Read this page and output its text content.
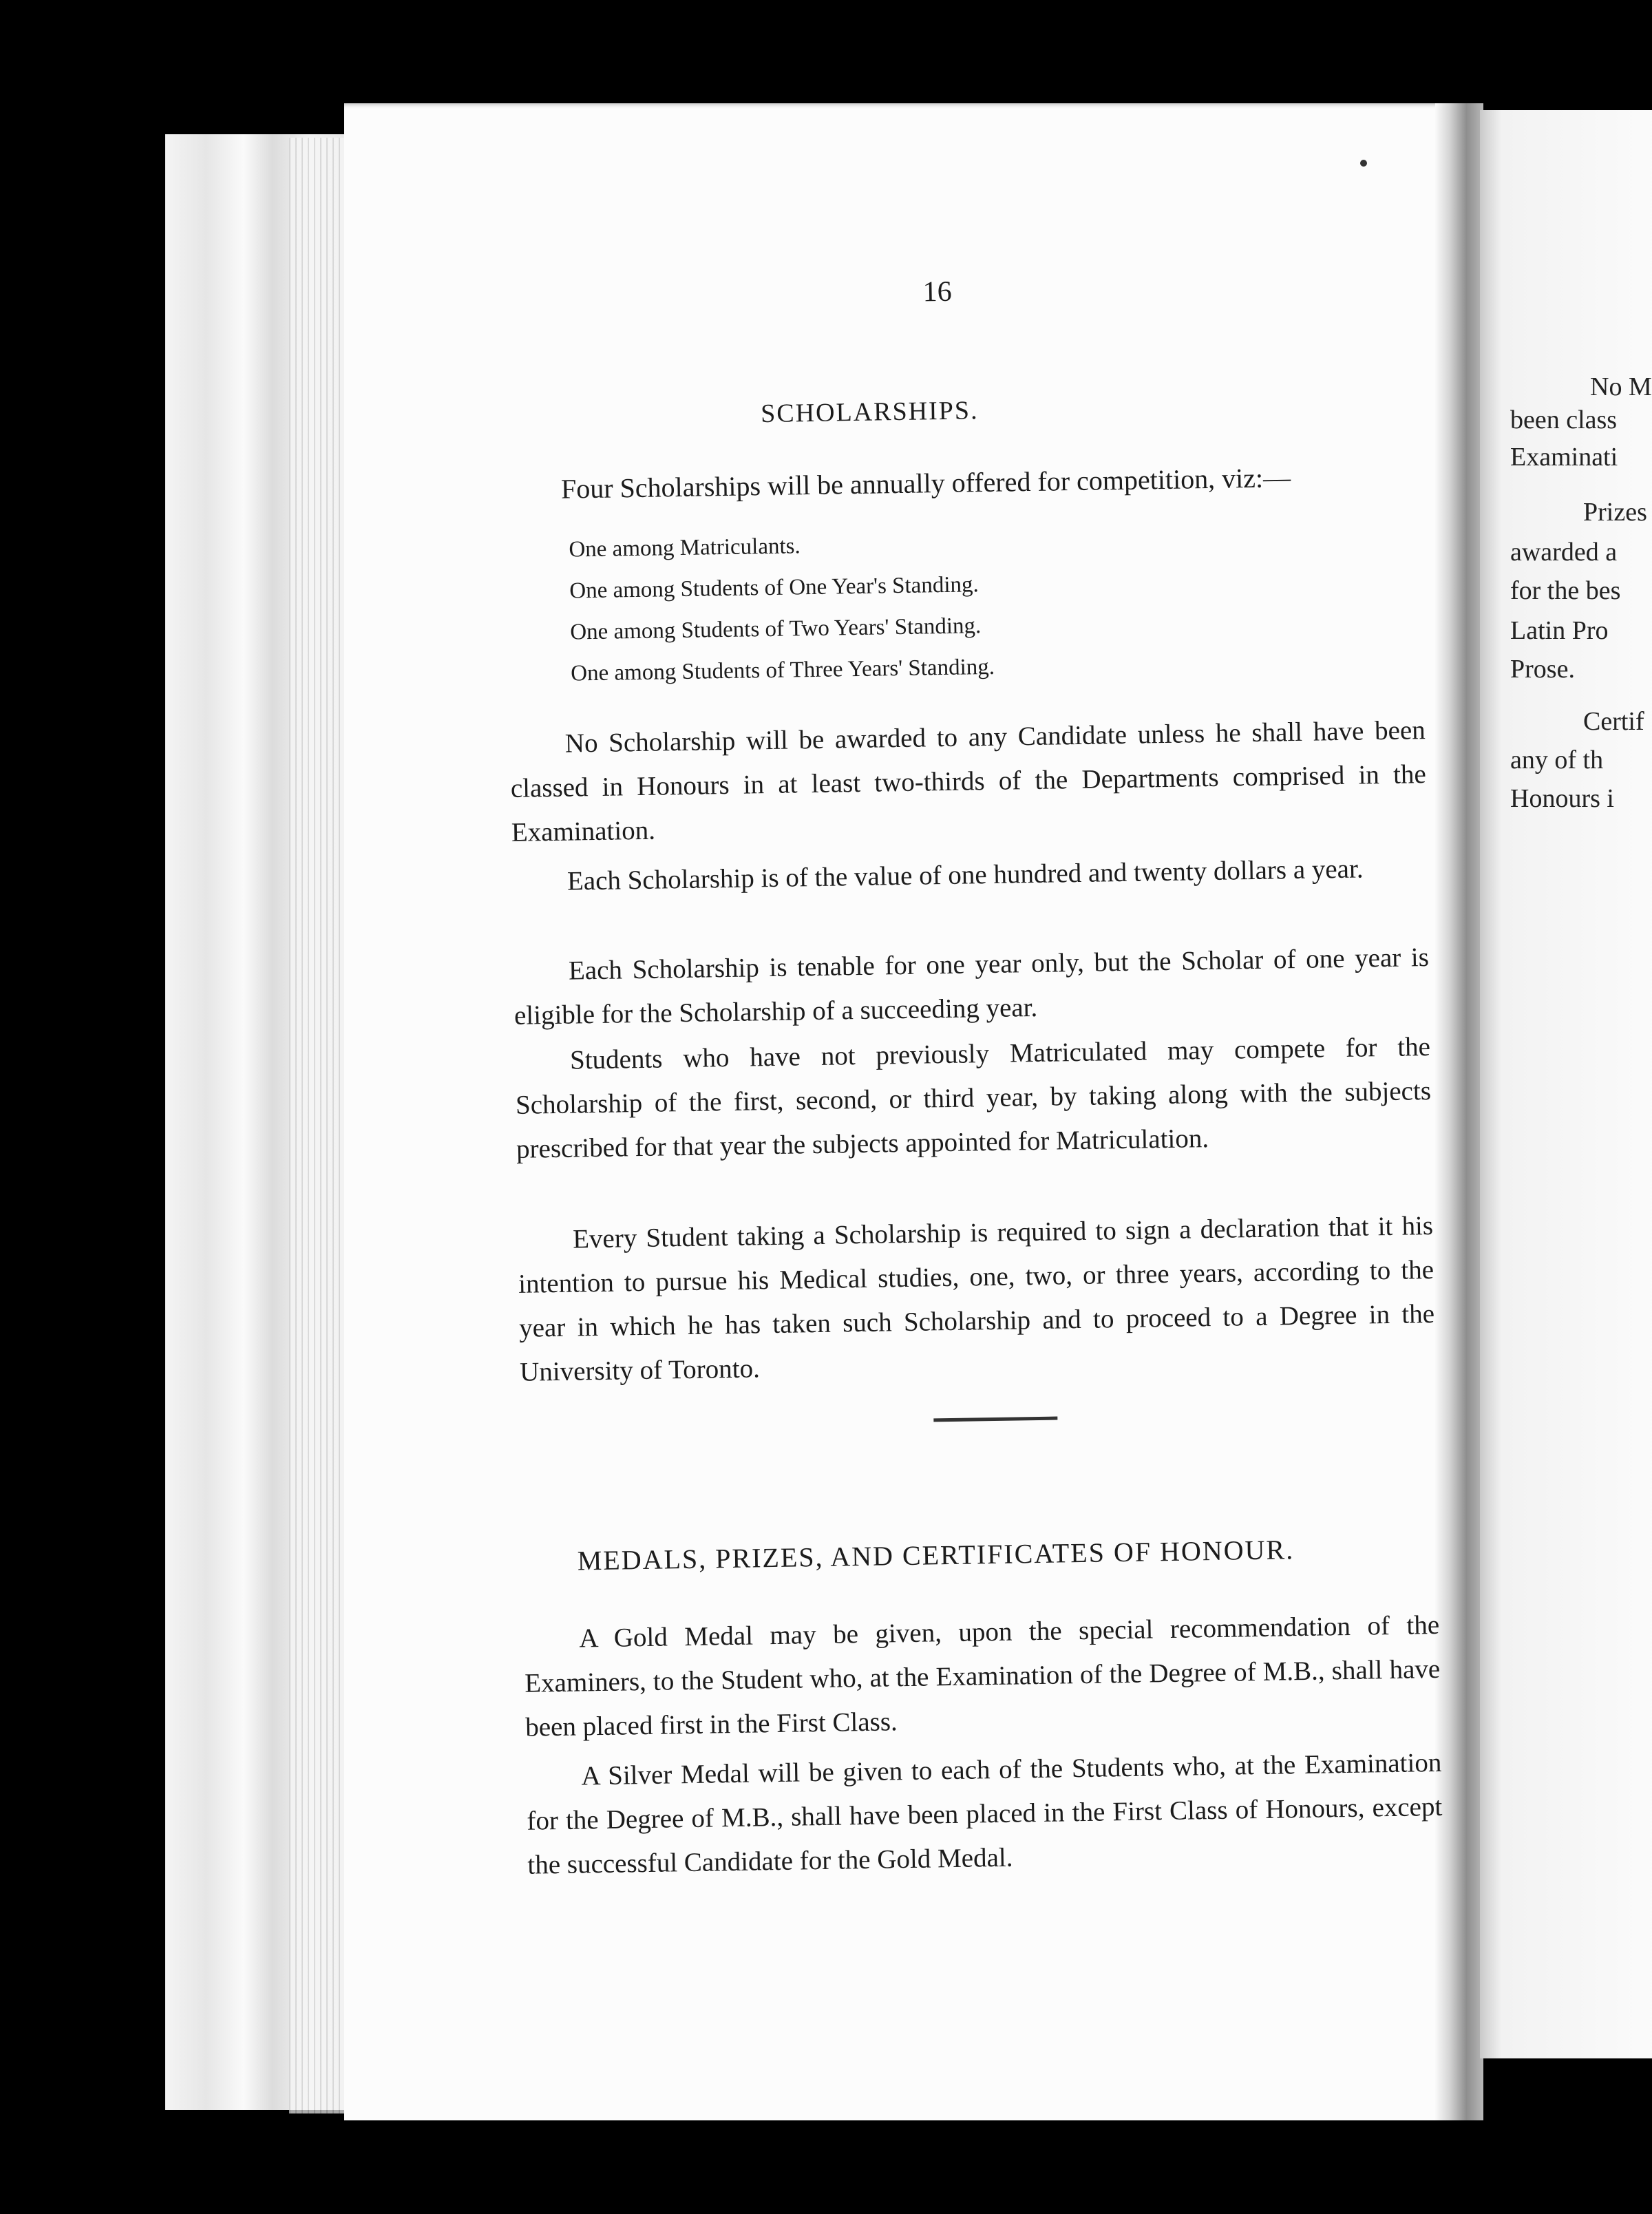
No M
been class
Examinati
Prizes
awarded a
for the bes
Latin Pro
Prose.
Certif
any of th
Honours i
16
SCHOLARSHIPS.

Four Scholarships will be annually offered for competition, viz:—

One among Matriculants.
One among Students of One Year's Standing.
One among Students of Two Years' Standing.
One among Students of Three Years' Standing.

No Scholarship will be awarded to any Candidate unless he shall have been classed in Honours in at least two-thirds of the Departments comprised in the Examination.

Each Scholarship is of the value of one hundred and twenty dollars a year.

Each Scholarship is tenable for one year only, but the Scholar of one year is eligible for the Scholarship of a succeeding year.

Students who have not previously Matriculated may compete for the Scholarship of the first, second, or third year, by taking along with the subjects prescribed for that year the subjects appointed for Matriculation.

Every Student taking a Scholarship is required to sign a declaration that it his intention to pursue his Medical studies, one, two, or three years, according to the year in which he has taken such Scholarship and to proceed to a Degree in the University of Toronto.

MEDALS, PRIZES, AND CERTIFICATES OF HONOUR.

A Gold Medal may be given, upon the special recommendation of the Examiners, to the Student who, at the Examination of the Degree of M.B., shall have been placed first in the First Class.

A Silver Medal will be given to each of the Students who, at the Examination for the Degree of M.B., shall have been placed in the First Class of Honours, except the successful Candidate for the Gold Medal.
